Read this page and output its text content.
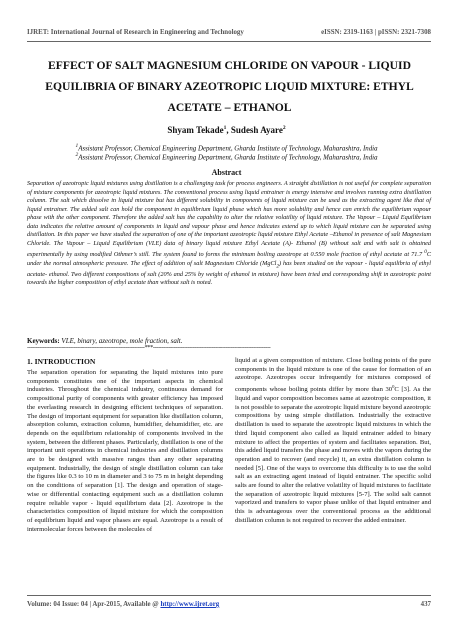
IJRET: International Journal of Research in Engineering and Technology	eISSN: 2319-1163 | pISSN: 2321-7308
EFFECT OF SALT MAGNESIUM CHLORIDE ON VAPOUR - LIQUID
EQUILIBRIA OF BINARY AZEOTROPIC LIQUID MIXTURE: ETHYL
ACETATE – ETHANOL
Shyam Tekade$^1$, Sudesh Ayare$^2$
$^1$Assistant Professor, Chemical Engineering Department, Gharda Institute of Technology, Maharashtra, India
$^2$Assistant Professor, Chemical Engineering Department, Gharda Institute of Technology, Maharashtra, India
Abstract
Separation of azeotropic liquid mixtures using distillation is a challenging task for process engineers. A straight distillation is not useful for complete separation of mixture components for azeotropic liquid mixtures. The conventional process using liquid entrainer is energy intensive and involves running extra distillation column. The salt which dissolve in liquid mixture but has different solubility in components of liquid mixture can be used as the extracting agent like that of liquid entrainer. The added salt can hold the component in equilibrium liquid phase which has more solubility and hence can enrich the equilibrium vapour phase with the other component. Therefore the added salt has the capability to alter the relative volatility of liquid mixture. The Vapour – Liquid Equilibrium data indicates the relative amount of components in liquid and vapour phase and hence indicates extend up to which liquid mixture can be separated using distillation. In this paper we have studied the separation of one of the important azeotropic liquid mixture Ethyl Acetate –Ethanol in presence of salt Magnesium Chloride. The Vapour – Liquid Equilibrium (VLE) data of binary liquid mixture Ethyl Acetate (A)- Ethanol (B) without salt and with salt is obtained experimentally by using modified Othmer’s still. The system found to forms the minimum boiling azeotrope at 0.550 mole fraction of ethyl acetate at 71.7 $^0$C under the normal atmospheric pressure. The effect of addition of salt Magnesium Chloride (MgCl$_2$) has been studied on the vapour - liquid equilibria of ethyl acetate- ethanol. Two different compositions of salt (20% and 25% by weight of ethanol in mixture) have been tried and corresponding shift in azeotropic point towards the higher composition of ethyl acetate than without salt is noted.
Keywords: VLE, binary, azeotrope, mole fraction, salt.
--------------------------------------------------------------------***--------------------------------------------------------------------
1. INTRODUCTION
The separation operation for separating the liquid mixtures into pure components constitutes one of the important aspects in chemical industries. Throughout the chemical industry, continuous demand for compositional purity of components with greater efficiency has imposed the everlasting research in designing efficient techniques of separation. The design of important equipment for separation like distillation column, absorption column, extraction column, humidifier, dehumidifier, etc. are depends on the equilibrium relationship of components involved in the system, between the different phases. Particularly, distillation is one of the important unit operations in chemical industries and distillation columns are to be designed with massive ranges than any other separating equipment. Industrially, the design of single distillation column can take the figures like 0.3 to 10 m in diameter and 3 to 75 m in height depending on the conditions of separation [1]. The design and operation of stage-wise or differential contacting equipment such as a distillation column require reliable vapor - liquid equilibrium data [2]. Azeotrope is the characteristics composition of liquid mixture for which the composition of equilibrium liquid and vapor phases are equal. Azeotrope is a result of intermolecular forces between the molecules of
liquid at a given composition of mixture. Close boiling points of the pure components in the liquid mixture is one of the cause for formation of an azeotrope. Azeotropes occur infrequently for mixtures composed of components whose boiling points differ by more than $30^0C$ [3]. As the liquid and vapor composition becomes same at azeotropic composition, it is not possible to separate the azeotropic liquid mixture beyond azeotropic compositions by using simple distillation. Industrially the extractive distillation is used to separate the azeotropic liquid mixtures in which the third liquid component also called as liquid entrainer added to binary mixture to affect the properties of system and facilitates separation. But, this added liquid transfers the phase and moves with the vapors during the operation and to recover (and recycle) it, an extra distillation column is needed [5]. One of the ways to overcome this difficulty is to use the solid salt as an extracting agent instead of liquid entrainer. The specific solid salts are found to alter the relative volatility of liquid mixtures to facilitate the separation of azeotropic liquid mixtures [5-7]. The solid salt cannot vaporized and transfers to vapor phase unlike of that liquid entrainer and this is advantageous over the conventional process as the additional distillation column is not required to recover the added entrainer.
Volume: 04 Issue: 04 | Apr-2015, Available @ http://www.ijret.org	437
